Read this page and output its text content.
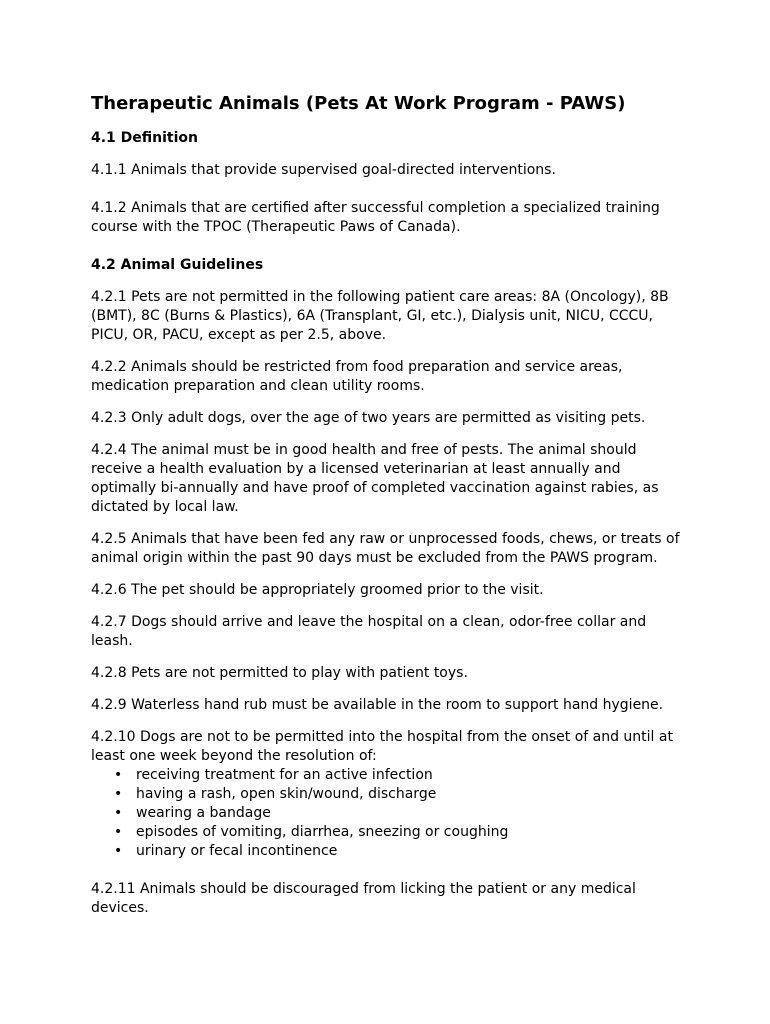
Therapeutic Animals (Pets At Work Program - PAWS)
4.1 Definition

4.1.1 Animals that provide supervised goal-directed interventions.

4.1.2 Animals that are certified after successful completion a specialized training course with the TPOC (Therapeutic Paws of Canada).

4.2 Animal Guidelines

4.2.1 Pets are not permitted in the following patient care areas: 8A (Oncology), 8B (BMT), 8C (Burns & Plastics), 6A (Transplant, GI, etc.), Dialysis unit, NICU, CCCU, PICU, OR, PACU, except as per 2.5, above.

4.2.2 Animals should be restricted from food preparation and service areas, medication preparation and clean utility rooms.

4.2.3 Only adult dogs, over the age of two years are permitted as visiting pets.

4.2.4 The animal must be in good health and free of pests. The animal should receive a health evaluation by a licensed veterinarian at least annually and optimally bi-annually and have proof of completed vaccination against rabies, as dictated by local law.

4.2.5 Animals that have been fed any raw or unprocessed foods, chews, or treats of animal origin within the past 90 days must be excluded from the PAWS program.

4.2.6 The pet should be appropriately groomed prior to the visit.

4.2.7 Dogs should arrive and leave the hospital on a clean, odor-free collar and leash.

4.2.8 Pets are not permitted to play with patient toys.

4.2.9 Waterless hand rub must be available in the room to support hand hygiene.

4.2.10 Dogs are not to be permitted into the hospital from the onset of and until at least one week beyond the resolution of:

• receiving treatment for an active infection
• having a rash, open skin/wound, discharge
• wearing a bandage
• episodes of vomiting, diarrhea, sneezing or coughing
• urinary or fecal incontinence

4.2.11 Animals should be discouraged from licking the patient or any medical devices.
